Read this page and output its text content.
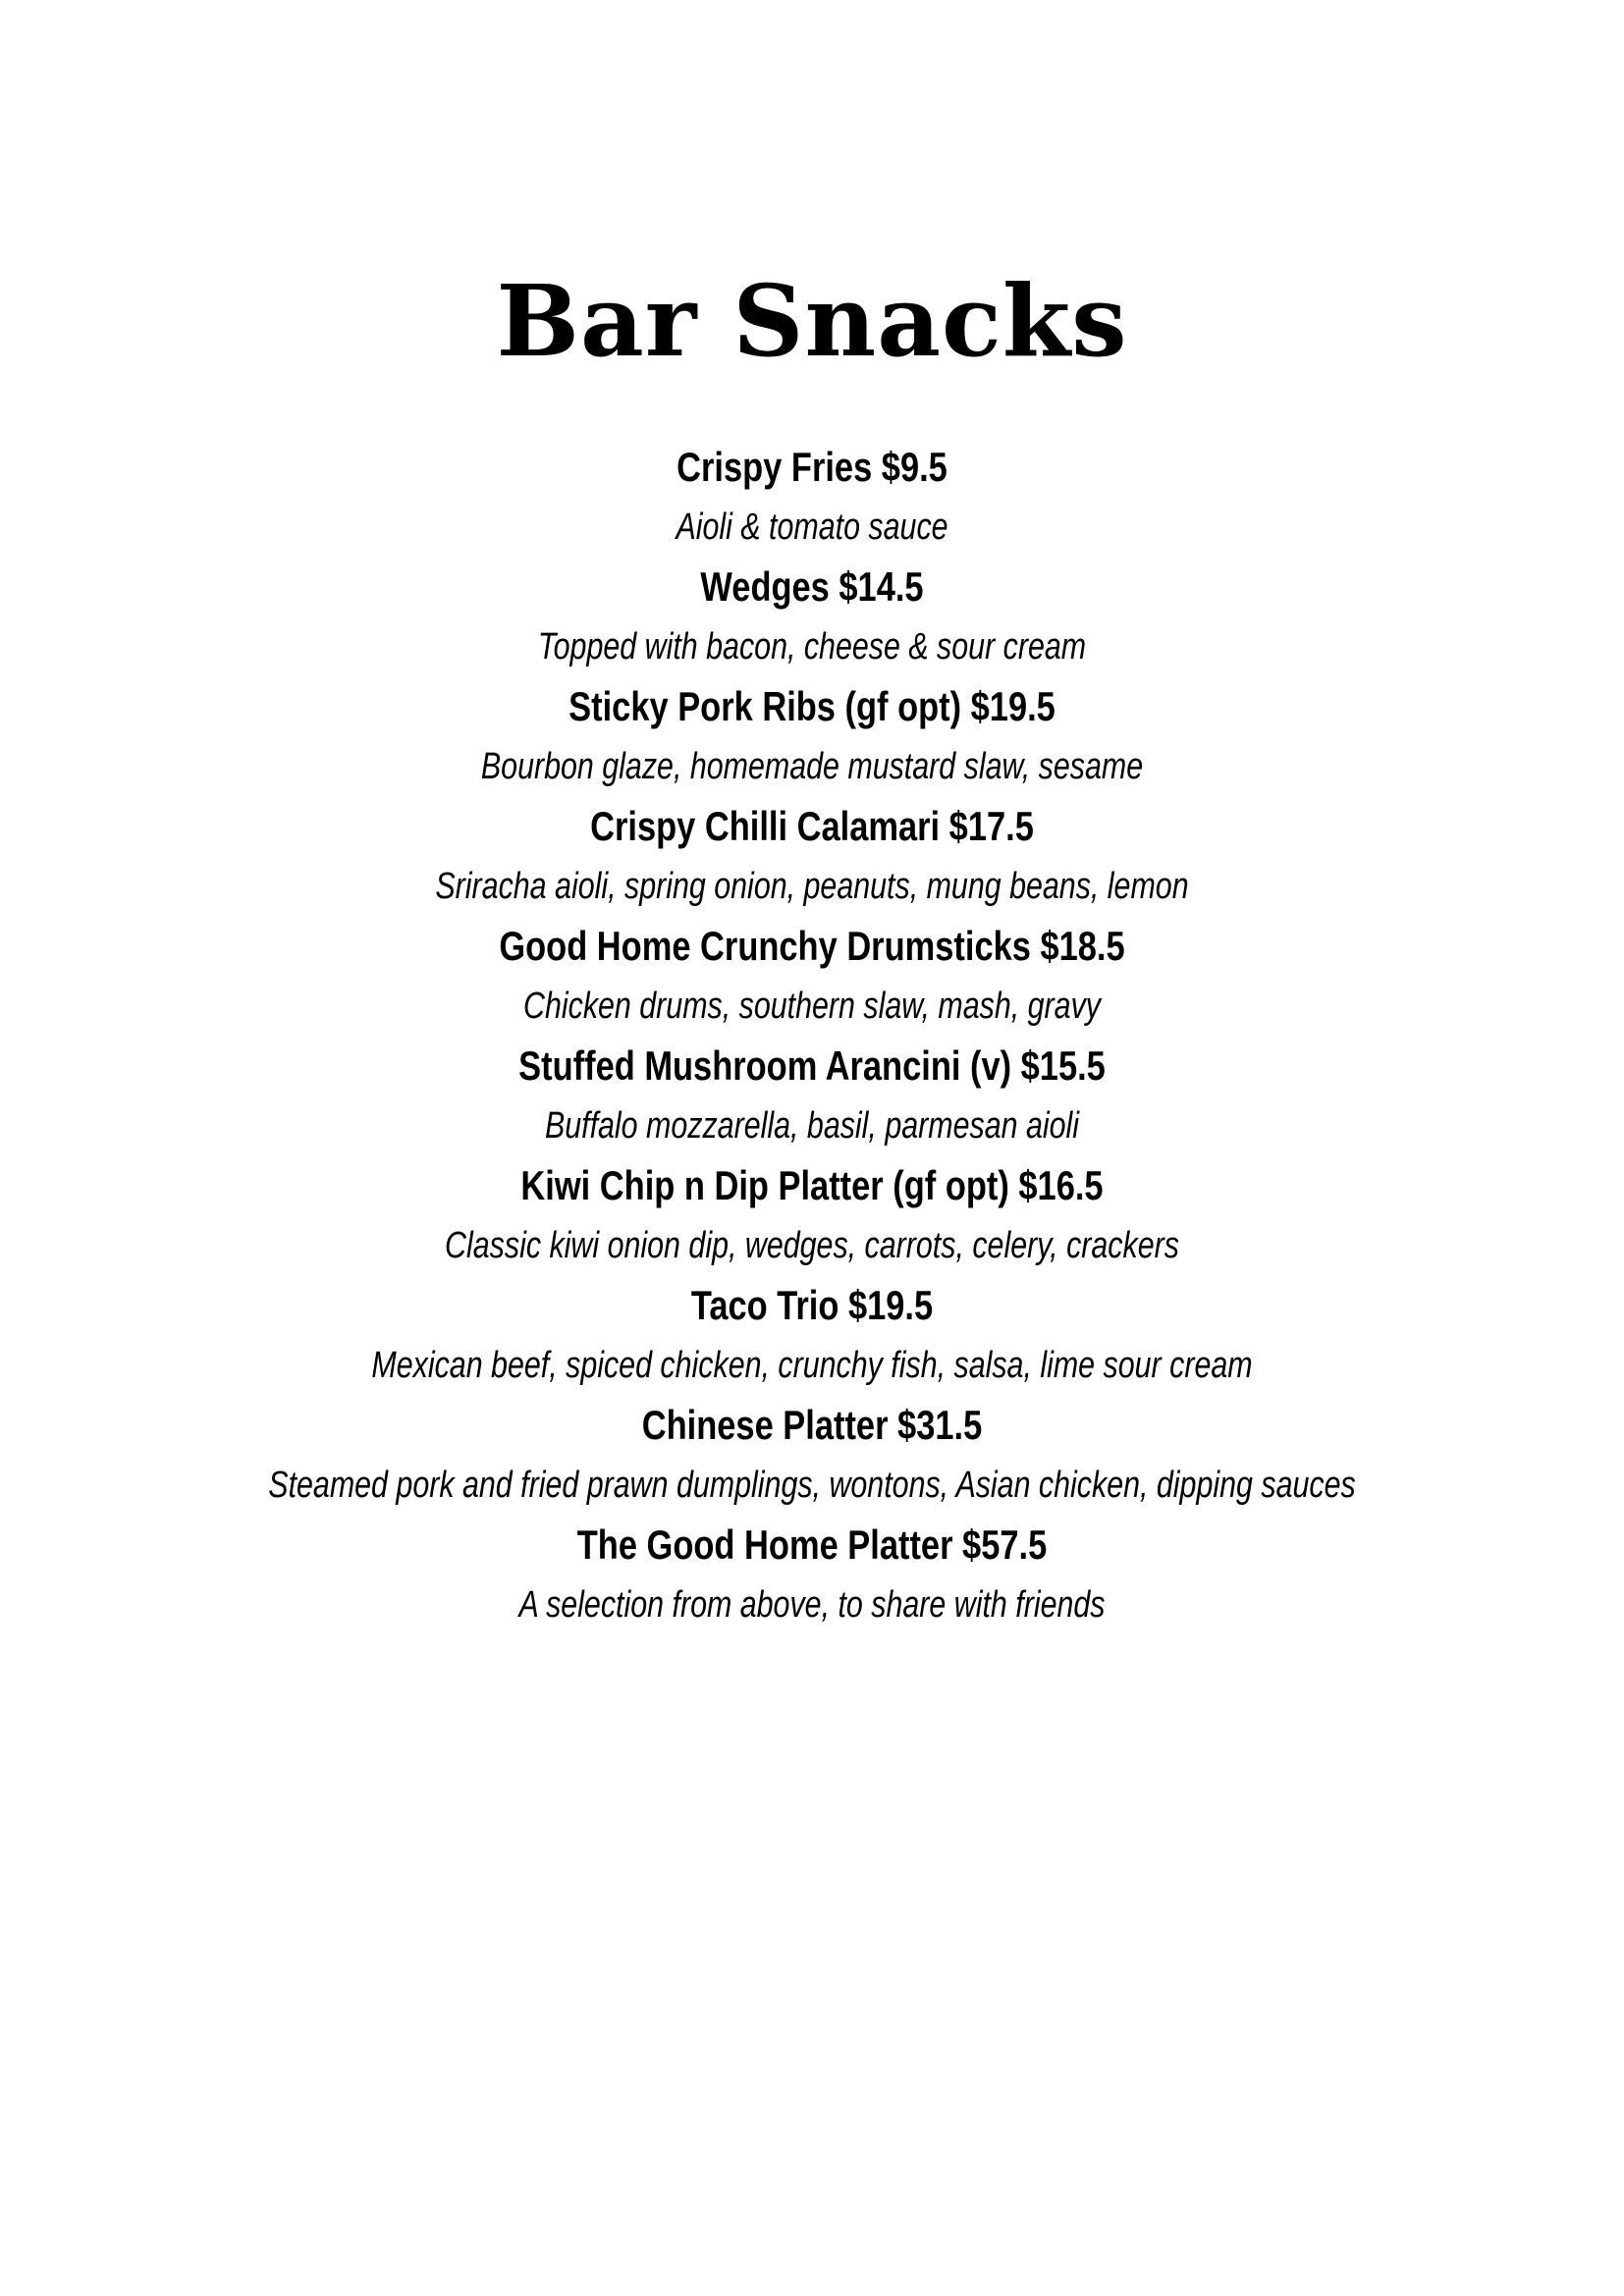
Bar Snacks
Crispy Fries $9.5
Aioli & tomato sauce
Wedges $14.5
Topped with bacon, cheese & sour cream
Sticky Pork Ribs (gf opt) $19.5
Bourbon glaze, homemade mustard slaw, sesame
Crispy Chilli Calamari $17.5
Sriracha aioli, spring onion, peanuts, mung beans, lemon
Good Home Crunchy Drumsticks $18.5
Chicken drums, southern slaw, mash, gravy
Stuffed Mushroom Arancini (v) $15.5
Buffalo mozzarella, basil, parmesan aioli
Kiwi Chip n Dip Platter (gf opt) $16.5
Classic kiwi onion dip, wedges, carrots, celery, crackers
Taco Trio $19.5
Mexican beef, spiced chicken, crunchy fish, salsa, lime sour cream
Chinese Platter $31.5
Steamed pork and fried prawn dumplings, wontons, Asian chicken, dipping sauces
The Good Home Platter $57.5
A selection from above, to share with friends
